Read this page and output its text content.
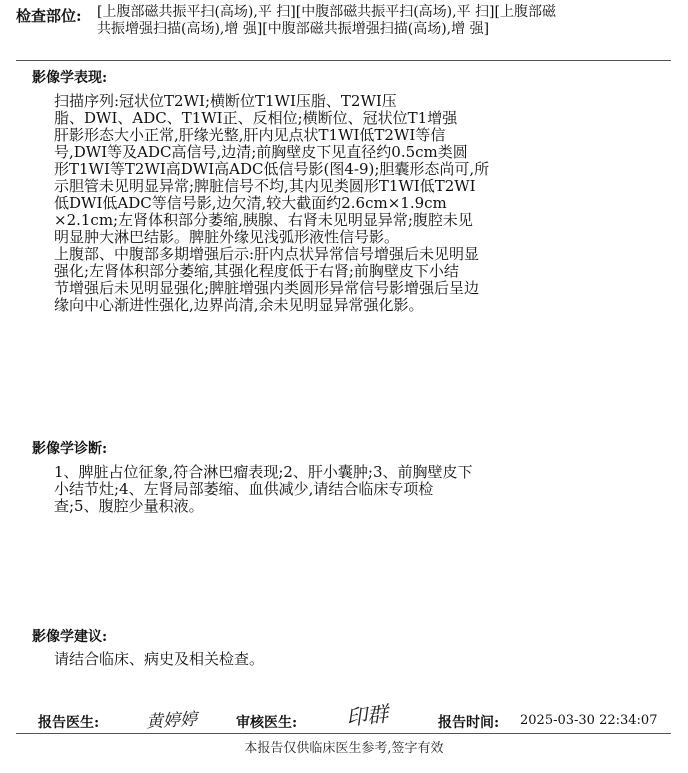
检查部位: [上腹部磁共振平扫(高场),平 扫][中腹部磁共振平扫(高场),平 扫][上腹部磁
共振增强扫描(高场),增 强][中腹部磁共振增强扫描(高场),增 强]
影像学表现:
扫描序列:冠状位T2WI;横断位T1WI压脂、T2WI压
脂、DWI、ADC、T1WI正、反相位;横断位、冠状位T1增强
肝影形态大小正常,肝缘光整,肝内见点状T1WI低T2WI等信
号,DWI等及ADC高信号,边清;前胸壁皮下见直径约0.5cm类圆
形T1WI等T2WI高DWI高ADC低信号影(图4-9);胆囊形态尚可,所
示胆管未见明显异常;脾脏信号不均,其内见类圆形T1WI低T2WI
低DWI低ADC等信号影,边欠清,较大截面约2.6cm×1.9cm
×2.1cm;左肾体积部分萎缩,胰腺、右肾未见明显异常;腹腔未见
明显肿大淋巴结影。脾脏外缘见浅弧形液性信号影。
上腹部、中腹部多期增强后示:肝内点状异常信号增强后未见明显
强化;左肾体积部分萎缩,其强化程度低于右肾;前胸壁皮下小结
节增强后未见明显强化;脾脏增强内类圆形异常信号影增强后呈边
缘向中心渐进性强化,边界尚清,余未见明显异常强化影。
影像学诊断:
1、脾脏占位征象,符合淋巴瘤表现;2、肝小囊肿;3、前胸壁皮下
小结节灶;4、左肾局部萎缩、血供减少,请结合临床专项检
查;5、腹腔少量积液。
影像学建议:
请结合临床、病史及相关检查。
报告医生:	黄婷婷	审核医生: 印群	报告时间: 2025-03-30 22:34:07
本报告仅供临床医生参考,签字有效
